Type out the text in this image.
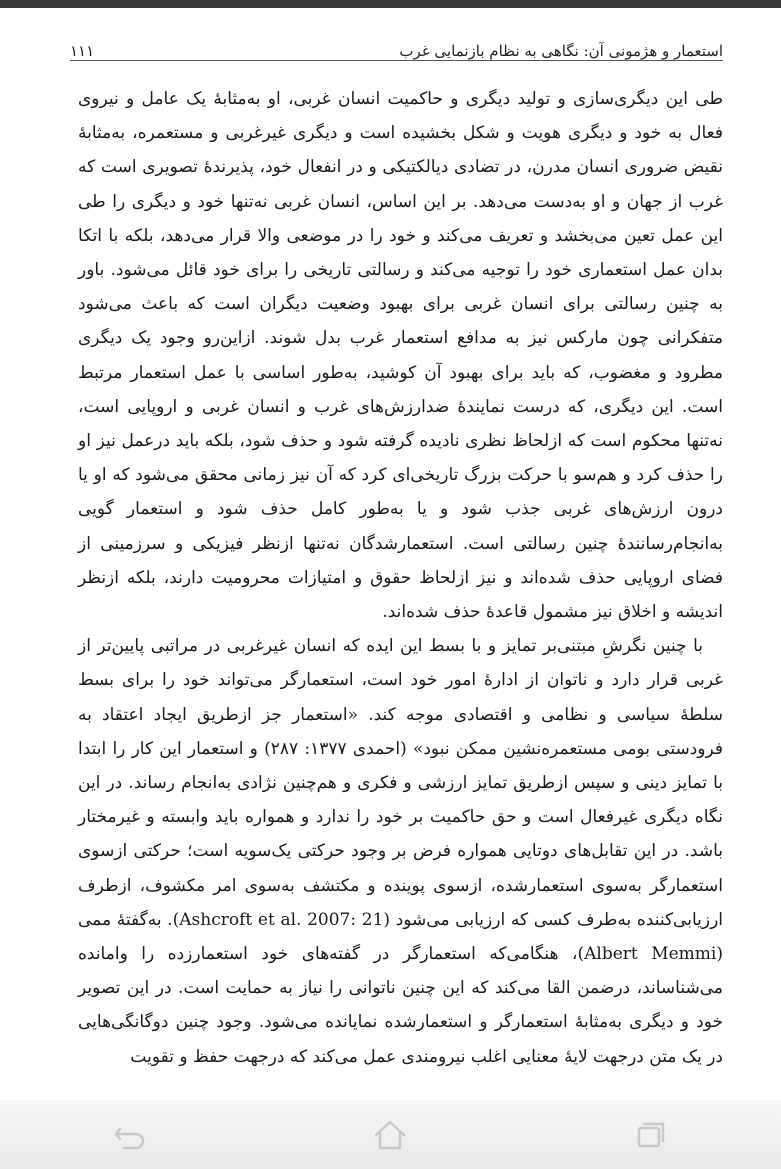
استعمار و هژمونی آن: نگاهی به نظام بازنمایی غرب
۱۱۱

طی این دیگری‌سازی و تولید دیگری و حاکمیت انسان غربی، او به‌مثابهٔ یک عامل و نیروی فعال به خود و دیگری هویت و شکل بخشیده است و دیگری غیرغربی و مستعمره، به‌مثابهٔ نقیض ضروری انسان مدرن، در تضادی دیالکتیکی و در انفعال خود، پذیرندهٔ تصویری است که غرب از جهان و او به‌دست می‌دهد. بر این اساس، انسان غربی نه‌تنها خود و دیگری را طی این عمل تعین می‌بخشد و تعریف می‌کند و خود را در موضعی والا قرار می‌دهد، بلکه با اتکا بدان عمل استعماری خود را توجیه می‌کند و رسالتی تاریخی را برای خود قائل می‌شود. باور به چنین رسالتی برای انسان غربی برای بهبود وضعیت دیگران است که باعث می‌شود متفکرانی چون مارکس نیز به مدافع استعمار غرب بدل شوند. ازاین‌رو وجود یک دیگری مطرود و مغضوب، که باید برای بهبود آن کوشید، به‌طور اساسی با عمل استعمار مرتبط است. این دیگری، که درست نمایندهٔ ضدارزش‌های غرب و انسان غربی و اروپایی است، نه‌تنها محکوم است که ازلحاظ نظری نادیده گرفته شود و حذف شود، بلکه باید درعمل نیز او را حذف کرد و هم‌سو با حرکت بزرگ تاریخی‌ای کرد که آن نیز زمانی محقق می‌شود که او یا درون ارزش‌های غربی جذب شود و یا به‌طور کامل حذف شود و استعمار گویی به‌انجام‌رسانندهٔ چنین رسالتی است. استعمارشدگان نه‌تنها ازنظر فیزیکی و سرزمینی از فضای اروپایی حذف شده‌اند و نیز ازلحاظ حقوق و امتیازات محرومیت دارند، بلکه ازنظر اندیشه و اخلاق نیز مشمول قاعدهٔ حذف شده‌اند.

با چنین نگرشِ مبتنی‌بر تمایز و با بسط این ایده که انسان غیرغربی در مراتبی پایین‌تر از غربی قرار دارد و ناتوان از ادارهٔ امور خود است، استعمارگر می‌تواند خود را برای بسط سلطهٔ سیاسی و نظامی و اقتصادی موجه کند. «استعمار جز ازطریق ایجاد اعتقاد به فرودستی بومی مستعمره‌نشین ممکن نبود» (احمدی ۱۳۷۷: ۲۸۷) و استعمار این کار را ابتدا با تمایز دینی و سپس ازطریق تمایز ارزشی و فکری و هم‌چنین نژادی به‌انجام رساند. در این نگاه دیگری غیرفعال است و حق حاکمیت بر خود را ندارد و همواره باید وابسته و غیرمختار باشد. در این تقابل‌های دوتایی همواره فرض بر وجود حرکتی یک‌سویه است؛ حرکتی ازسوی استعمارگر به‌سوی استعمارشده، ازسوی پوینده و مکتشف به‌سوی امر مکشوف، ازطرف ارزیابی‌کننده به‌طرف کسی که ارزیابی می‌شود (Ashcroft et al. 2007: 21). به‌گفتهٔ ممی (Albert Memmi)، هنگامی‌که استعمارگر در گفته‌های خود استعمارزده را وامانده می‌شناساند، درضمن القا می‌کند که این چنین ناتوانی را نیاز به حمایت است. در این تصویر خود و دیگری به‌مثابهٔ استعمارگر و استعمارشده نمایانده می‌شود. وجود چنین دوگانگی‌هایی در یک متن درجهت لایهٔ معنایی اغلب نیرومندی عمل می‌کند که درجهت حفظ و تقویت
